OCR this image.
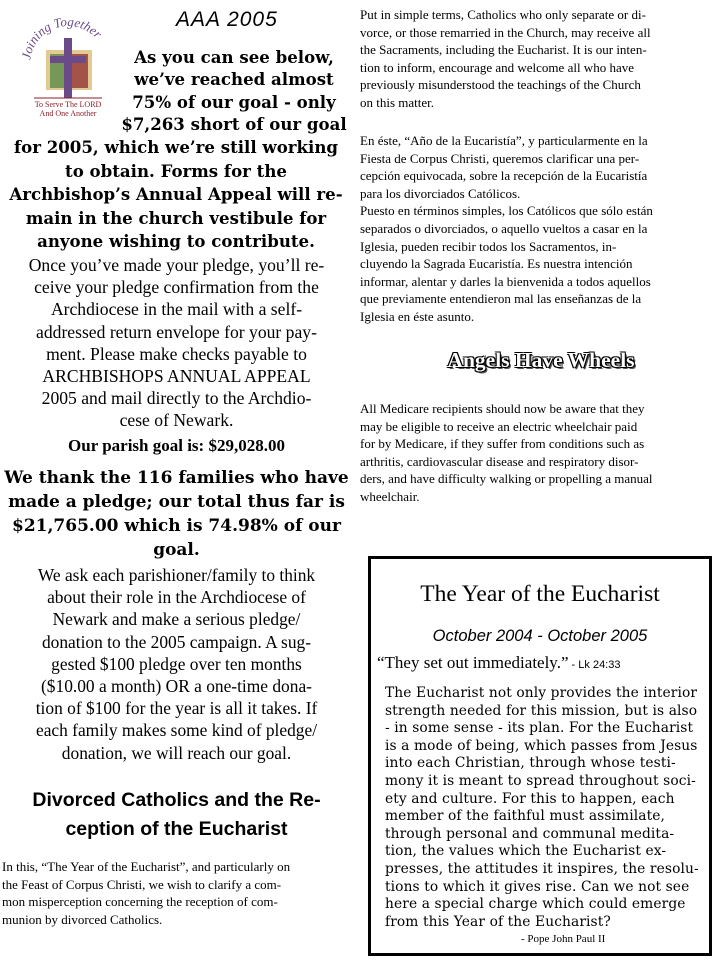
oining Together
To Serve The LORD
And One Another
AAA 2005
As you can see below,
we’ve reached almost
75% of our goal - only
$7,263 short of our goal
for 2005, which we’re still working
to obtain. Forms for the
Archbishop’s Annual Appeal will re-
main in the church vestibule for
anyone wishing to contribute.
Once you’ve made your pledge, you’ll re-
ceive your pledge confirmation from the
Archdiocese in the mail with a self-
addressed return envelope for your pay-
ment. Please make checks payable to
ARCHBISHOPS ANNUAL APPEAL
2005 and mail directly to the Archdio-
cese of Newark.
Our parish goal is: $29,028.00
We thank the 116 families who have
made a pledge; our total thus far is
$21,765.00 which is 74.98% of our
goal.
We ask each parishioner/family to think
about their role in the Archdiocese of
Newark and make a serious pledge/
donation to the 2005 campaign. A sug-
gested $100 pledge over ten months
($10.00 a month) OR a one-time dona-
tion of $100 for the year is all it takes. If
each family makes some kind of pledge/
donation, we will reach our goal.
Divorced Catholics and the Re-
ception of the Eucharist
In this, “The Year of the Eucharist”, and particularly on
the Feast of Corpus Christi, we wish to clarify a com-
mon misperception concerning the reception of com-
munion by divorced Catholics.
Put in simple terms, Catholics who only separate or di-
vorce, or those remarried in the Church, may receive all
the Sacraments, including the Eucharist. It is our inten-
tion to inform, encourage and welcome all who have
previously misunderstood the teachings of the Church
on this matter.
En éste, “Año de la Eucaristía”, y particularmente en la
Fiesta de Corpus Christi, queremos clarificar una per-
cepción equivocada, sobre la recepción de la Eucaristía
para los divorciados Católicos.
Puesto en términos simples, los Católicos que sólo están
separados o divorciados, o aquello vueltos a casar en la
Iglesia, pueden recibir todos los Sacramentos, in-
cluyendo la Sagrada Eucaristía. Es nuestra intención
informar, alentar y darles la bienvenida a todos aquellos
que previamente entendieron mal las enseñanzas de la
Iglesia en éste asunto.
Angels Have Wheels
All Medicare recipients should now be aware that they
may be eligible to receive an electric wheelchair paid
for by Medicare, if they suffer from conditions such as
arthritis, cardiovascular disease and respiratory disor-
ders, and have difficulty walking or propelling a manual
wheelchair.
The Year of the Eucharist
October 2004 - October 2005
“They set out immediately.” - Lk 24:33
The Eucharist not only provides the interior
strength needed for this mission, but is also
- in some sense - its plan. For the Eucharist
is a mode of being, which passes from Jesus
into each Christian, through whose testi-
mony it is meant to spread throughout soci-
ety and culture. For this to happen, each
member of the faithful must assimilate,
through personal and communal medita-
tion, the values which the Eucharist ex-
presses, the attitudes it inspires, the resolu-
tions to which it gives rise. Can we not see
here a special charge which could emerge
from this Year of the Eucharist?
- Pope John Paul II
